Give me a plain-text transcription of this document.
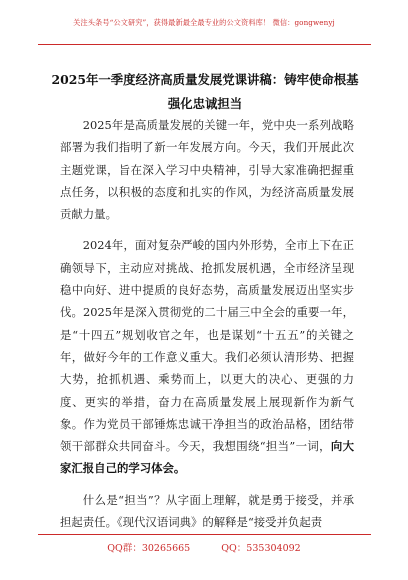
关注头条号“公文研究”，获得最新最全最专业的公文资料库！ 微信：gongwenyj
2025年一季度经济高质量发展党课讲稿：铸牢使命根基 强化忠诚担当

2025年是高质量发展的关键一年，党中央一系列战略部署为我们指明了新一年发展方向。今天，我们开展此次主题党课，旨在深入学习中央精神，引导大家准确把握重点任务，以积极的态度和扎实的作风，为经济高质量发展贡献力量。

2024年，面对复杂严峻的国内外形势，全市上下在正确领导下，主动应对挑战、抢抓发展机遇，全市经济呈现稳中向好、进中提质的良好态势，高质量发展迈出坚实步伐。2025年是深入贯彻党的二十届三中全会的重要一年，是“十四五”规划收官之年，也是谋划“十五五”的关键之年，做好今年的工作意义重大。我们必须认清形势、把握大势，抢抓机遇、乘势而上，以更大的决心、更强的力度、更实的举措，奋力在高质量发展上展现新作为新气象。作为党员干部锤炼忠诚干净担当的政治品格，团结带领干部群众共同奋斗。今天，我想围绕“担当”一词，向大家汇报自己的学习体会。

什么是“担当”？从字面上理解，就是勇于接受，并承担起责任。《现代汉语词典》的解释是“接受并负起责

QQ群：30265665	QQ：535304092
